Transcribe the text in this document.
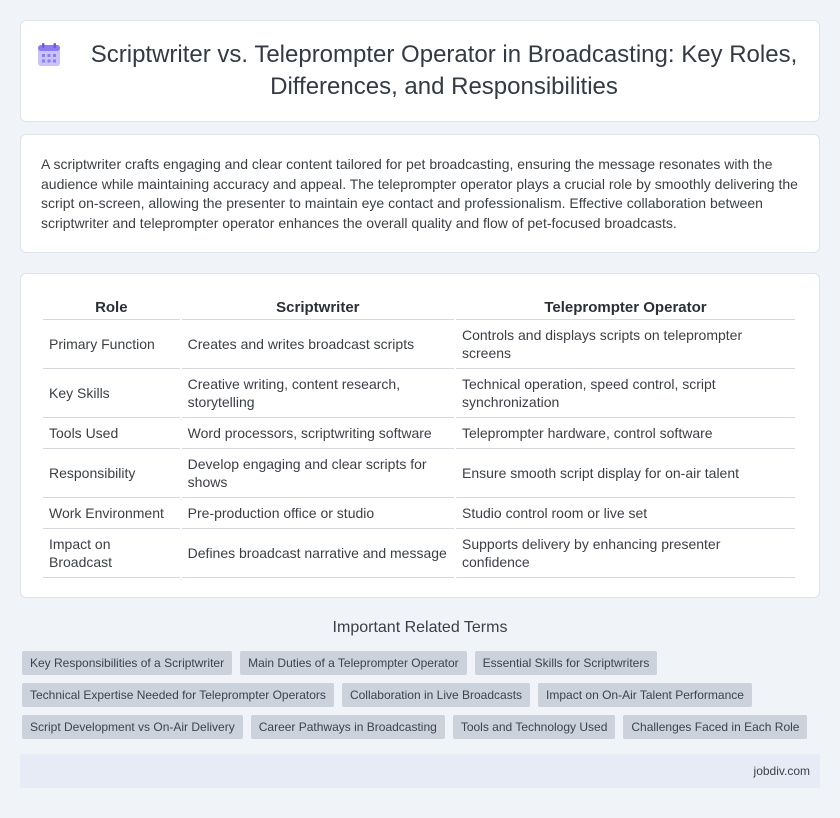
Scriptwriter vs. Teleprompter Operator in Broadcasting: Key Roles, Differences, and Responsibilities

A scriptwriter crafts engaging and clear content tailored for pet broadcasting, ensuring the message resonates with the audience while maintaining accuracy and appeal. The teleprompter operator plays a crucial role by smoothly delivering the script on-screen, allowing the presenter to maintain eye contact and professionalism. Effective collaboration between scriptwriter and teleprompter operator enhances the overall quality and flow of pet-focused broadcasts.

Role	Scriptwriter	Teleprompter Operator
Primary Function	Creates and writes broadcast scripts	Controls and displays scripts on teleprompter screens
Key Skills	Creative writing, content research, storytelling	Technical operation, speed control, script synchronization
Tools Used	Word processors, scriptwriting software	Teleprompter hardware, control software
Responsibility	Develop engaging and clear scripts for shows	Ensure smooth script display for on-air talent
Work Environment	Pre-production office or studio	Studio control room or live set
Impact on Broadcast	Defines broadcast narrative and message	Supports delivery by enhancing presenter confidence
Important Related Terms
Key Responsibilities of a Scriptwriter	Main Duties of a Teleprompter Operator	Essential Skills for Scriptwriters
Technical Expertise Needed for Teleprompter Operators	Collaboration in Live Broadcasts	Impact on On-Air Talent Performance
Script Development vs On-Air Delivery	Career Pathways in Broadcasting	Tools and Technology Used	Challenges Faced in Each Role
jobdiv.com
